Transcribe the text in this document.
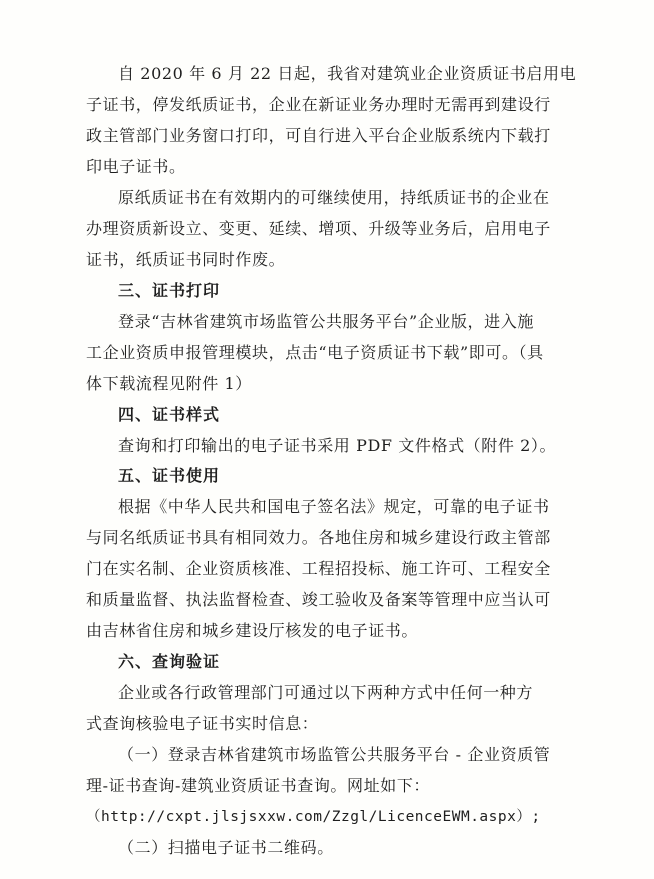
自 2020 年 6 月 22 日起，我省对建筑业企业资质证书启用电
子证书，停发纸质证书，企业在新证业务办理时无需再到建设行
政主管部门业务窗口打印，可自行进入平台企业版系统内下载打
印电子证书。
原纸质证书在有效期内的可继续使用，持纸质证书的企业在
办理资质新设立、变更、延续、增项、升级等业务后，启用电子
证书，纸质证书同时作废。
三、证书打印
登录“吉林省建筑市场监管公共服务平台”企业版，进入施
工企业资质申报管理模块，点击“电子资质证书下载”即可。（具
体下载流程见附件 1）
四、证书样式
查询和打印输出的电子证书采用 PDF 文件格式（附件 2）。
五、证书使用
根据《中华人民共和国电子签名法》规定，可靠的电子证书
与同名纸质证书具有相同效力。各地住房和城乡建设行政主管部
门在实名制、企业资质核准、工程招投标、施工许可、工程安全
和质量监督、执法监督检查、竣工验收及备案等管理中应当认可
由吉林省住房和城乡建设厅核发的电子证书。
六、查询验证
企业或各行政管理部门可通过以下两种方式中任何一种方
式查询核验电子证书实时信息：
（一）登录吉林省建筑市场监管公共服务平台 - 企业资质管
理-证书查询-建筑业资质证书查询。网址如下：
（http://cxpt.jlsjsxxw.com/Zzgl/LicenceEWM.aspx）;
（二）扫描电子证书二维码。
